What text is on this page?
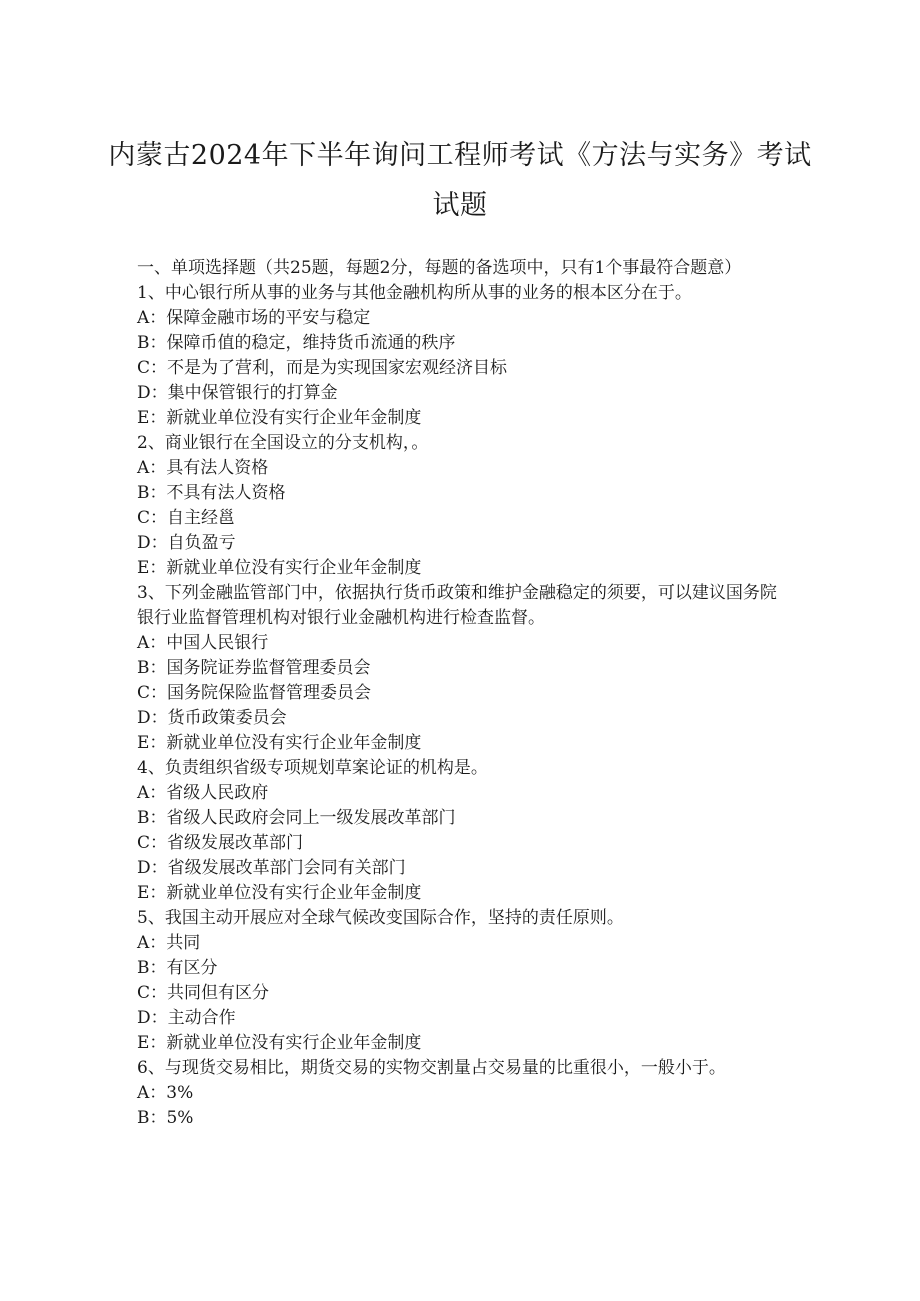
内蒙古2024年下半年询问工程师考试《方法与实务》考试
试题

一、单项选择题（共25题，每题2分，每题的备选项中，只有1个事最符合题意）

1、中心银行所从事的业务与其他金融机构所从事的业务的根本区分在于。

A：保障金融市场的平安与稳定

B：保障币值的稳定，维持货币流通的秩序

C：不是为了营利，而是为实现国家宏观经济目标

D：集中保管银行的打算金

E：新就业单位没有实行企业年金制度

2、商业银行在全国设立的分支机构，。

A：具有法人资格

B：不具有法人资格

C：自主经邕

D：自负盈亏

E：新就业单位没有实行企业年金制度

3、下列金融监管部门中，依据执行货币政策和维护金融稳定的须要，可以建议国务院银行业监督管理机构对银行业金融机构进行检查监督。

A：中国人民银行

B：国务院证券监督管理委员会

C：国务院保险监督管理委员会

D：货币政策委员会

E：新就业单位没有实行企业年金制度

4、负责组织省级专项规划草案论证的机构是。

A：省级人民政府

B：省级人民政府会同上一级发展改革部门

C：省级发展改革部门

D：省级发展改革部门会同有关部门

E：新就业单位没有实行企业年金制度

5、我国主动开展应对全球气候改变国际合作，坚持的责任原则。

A：共同

B：有区分

C：共同但有区分

D：主动合作

E：新就业单位没有实行企业年金制度

6、与现货交易相比，期货交易的实物交割量占交易量的比重很小，一般小于。

A：3%

B：5%
